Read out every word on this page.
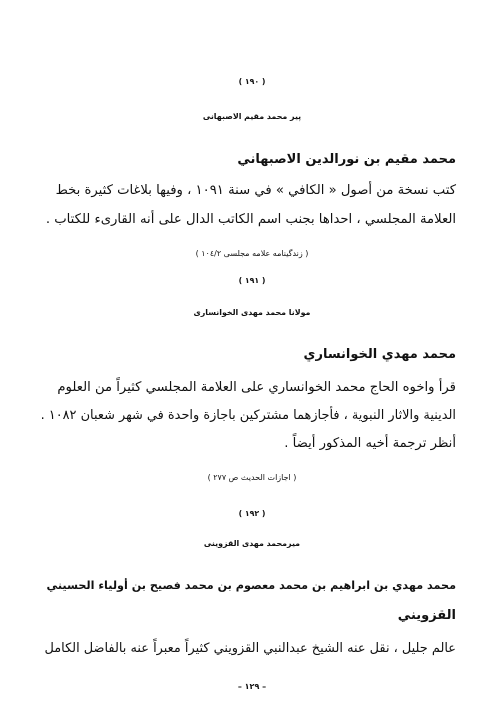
( ١٩٠ )
پير محمد مقيم الاصبهانى
محمد مقيم بن نورالدين الاصبهاني
كتب نسخة من أصول « الكافي » في سنة ١٠٩١ ، وفيها بلاغات كثيرة بخط
العلامة المجلسي ، احداها بجنب اسم الكاتب الدال على أنه القارىء للكتاب .
( زندگينامه علامه مجلسی ١٠٤/٢ )
( ١٩١ )
مولانا محمد مهدى الخوانسارى
محمد مهدي الخوانساري
قرأ واخوه الحاج محمد الخوانساري على العلامة المجلسي كثيراً من العلوم
الدينية والاثار النبوية ، فأجازهما مشتركين باجازة واحدة في شهر شعبان ١٠٨٢ .
أنظر ترجمة أخيه المذكور أيضاً .
( اجازات الحديث ص ٢٧٧ )
( ١٩٢ )
ميرمحمد مهدى القزوينى
محمد مهدي بن ابراهيم بن محمد معصوم بن محمد فصيح بن أولياء الحسيني
القزويني
عالم جليل ، نقل عنه الشيخ عبدالنبي القزويني كثيراً معبراً عنه بالفاضل الكامل
– ١٢٩ –
